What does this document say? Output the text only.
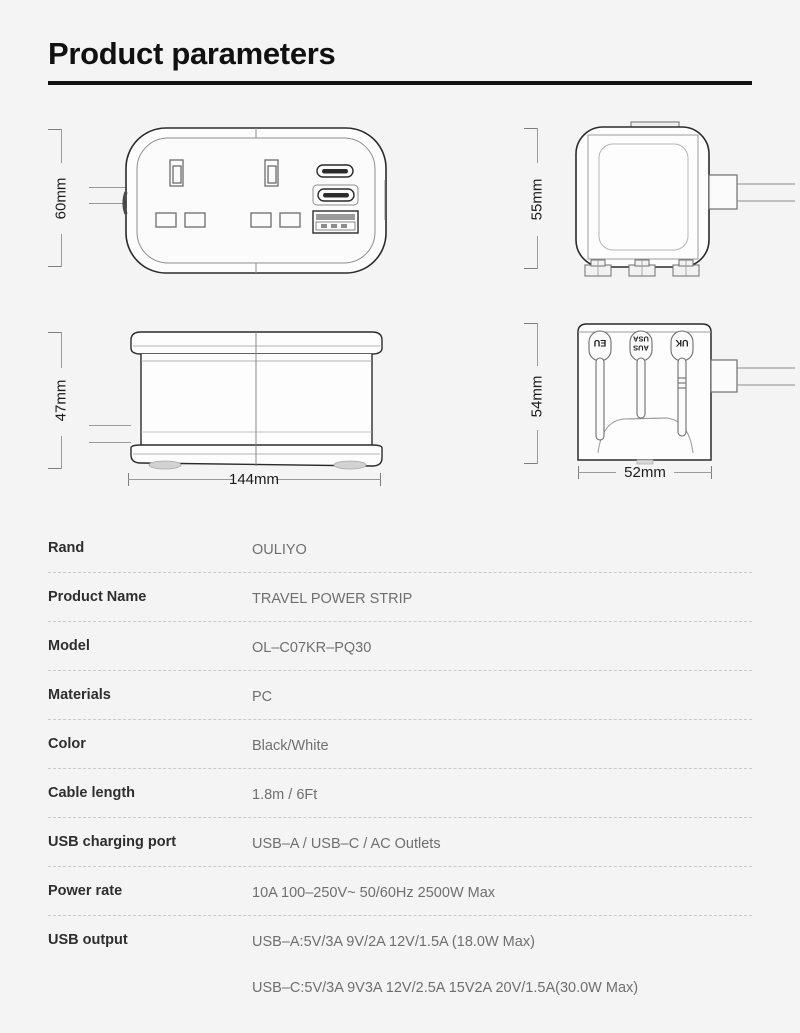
Product parameters
60mm	55mm
47mm
144mm
54mm
EU	AUS
USA	UK
52mm
Rand	OULIYO
Product Name	TRAVEL POWER STRIP
Model	OL–C07KR–PQ30
Materials	PC
Color	Black/White
Cable length	1.8m / 6Ft
USB charging port	USB–A / USB–C / AC Outlets
Power rate	10A 100–250V~ 50/60Hz 2500W Max
USB output	USB–A:5V/3A 9V/2A 12V/1.5A (18.0W Max)
USB–C:5V/3A 9V3A 12V/2.5A 15V2A 20V/1.5A(30.0W Max)
